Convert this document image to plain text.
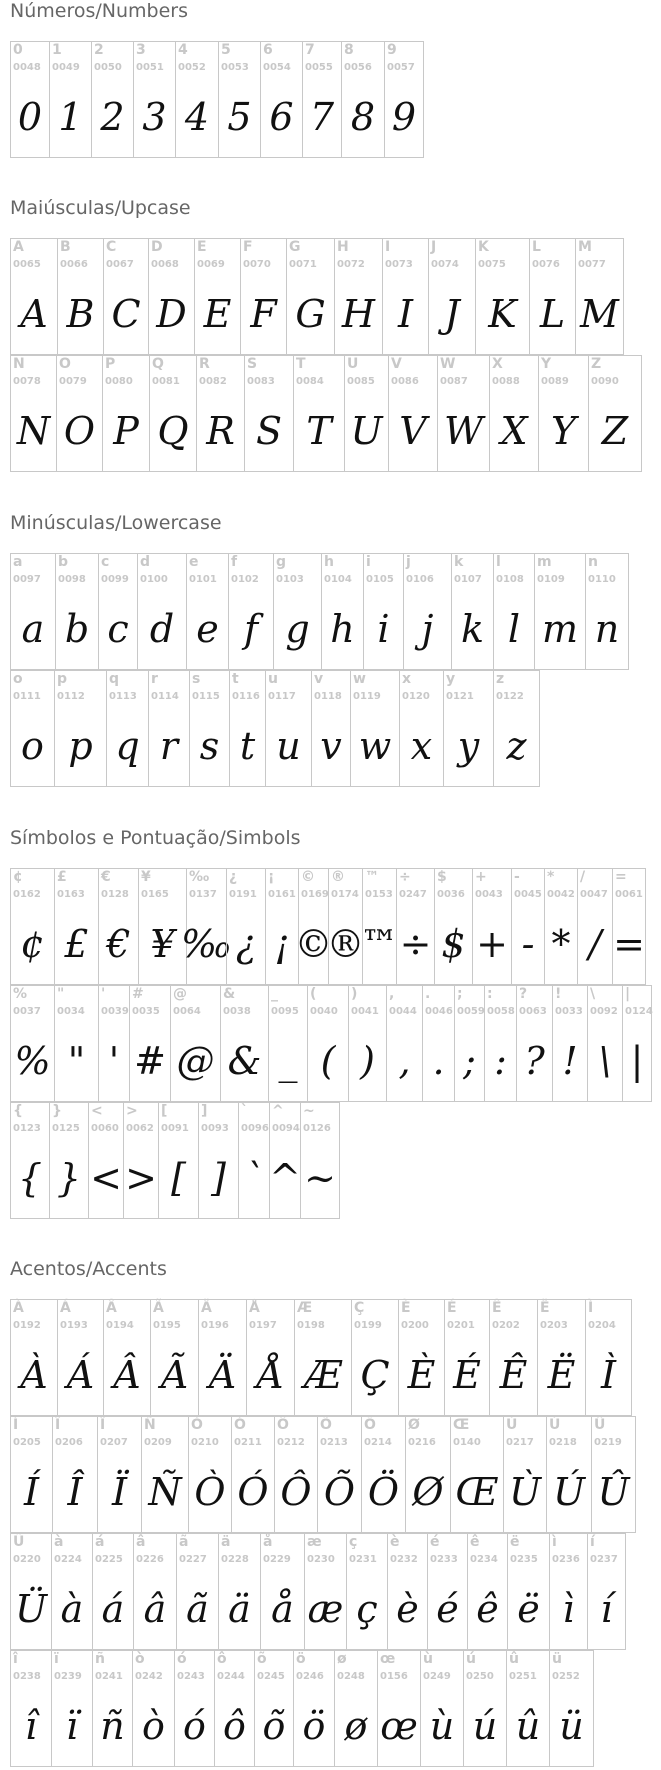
Números/Numbers
Maiúsculas/Upcase
Minúsculas/Lowercase
Símbolos e Pontuação/Simbols
Acentos/Accents
0
0048
0
1
0049
1
2
0050
2
3
0051
3
4
0052
4
5
0053
5
6
0054
6
7
0055
7
8
0056
8
9
0057
9
A
0065
A
B
0066
B
C
0067
C
D
0068
D
E
0069
E
F
0070
F
G
0071
G
H
0072
H
I
0073
I
J
0074
J
K
0075
K
L
0076
L
M
0077
M
N
0078
N
O
0079
O
P
0080
P
Q
0081
Q
R
0082
R
S
0083
S
T
0084
T
U
0085
U
V
0086
V
W
0087
W
X
0088
X
Y
0089
Y
Z
0090
Z
a
0097
a
b
0098
b
c
0099
c
d
0100
d
e
0101
e
f
0102
f
g
0103
g
h
0104
h
i
0105
i
j
0106
j
k
0107
k
l
0108
l
m
0109
m
n
0110
n
o
0111
o
p
0112
p
q
0113
q
r
0114
r
s
0115
s
t
0116
t
u
0117
u
v
0118
v
w
0119
w
x
0120
x
y
0121
y
z
0122
z
¢
0162
¢
£
0163
£
€
0128
€
¥
0165
¥
‰
0137
‰
¿
0191
¿
¡
0161
¡
©
0169
©
®
0174
®
™
0153
™
÷
0247
÷
$
0036
$
+
0043
+
-
0045
-
*
0042
*
/
0047
/
=
0061
=
%
0037
%
"
0034
"
'
0039
'
#
0035
#
@
0064
@
&
0038
&
_
0095
_
(
0040
(
)
0041
)
,
0044
,
.
0046
.
;
0059
;
:
0058
:
?
0063
?
!
0033
!
\
0092
\
|
0124
|
{
0123
{
}
0125
}
<
0060
<
>
0062
>
[
0091
[
]
0093
]
`
0096
`
^
0094
^
~
0126
~
À
0192
À
Á
0193
Á
Â
0194
Â
Ã
0195
Ã
Ä
0196
Ä
Å
0197
Å
Æ
0198
Æ
Ç
0199
Ç
È
0200
È
É
0201
É
Ê
0202
Ê
Ë
0203
Ë
Ì
0204
Ì
Í
0205
Í
Î
0206
Î
Ï
0207
Ï
Ñ
0209
Ñ
Ò
0210
Ò
Ó
0211
Ó
Ô
0212
Ô
Õ
0213
Õ
Ö
0214
Ö
Ø
0216
Ø
Œ
0140
Œ
Ù
0217
Ù
Ú
0218
Ú
Û
0219
Û
Ü
0220
Ü
à
0224
à
á
0225
á
â
0226
â
ã
0227
ã
ä
0228
ä
å
0229
å
æ
0230
æ
ç
0231
ç
è
0232
è
é
0233
é
ê
0234
ê
ë
0235
ë
ì
0236
ì
í
0237
í
î
0238
î
ï
0239
ï
ñ
0241
ñ
ò
0242
ò
ó
0243
ó
ô
0244
ô
õ
0245
õ
ö
0246
ö
ø
0248
ø
œ
0156
œ
ù
0249
ù
ú
0250
ú
û
0251
û
ü
0252
ü
